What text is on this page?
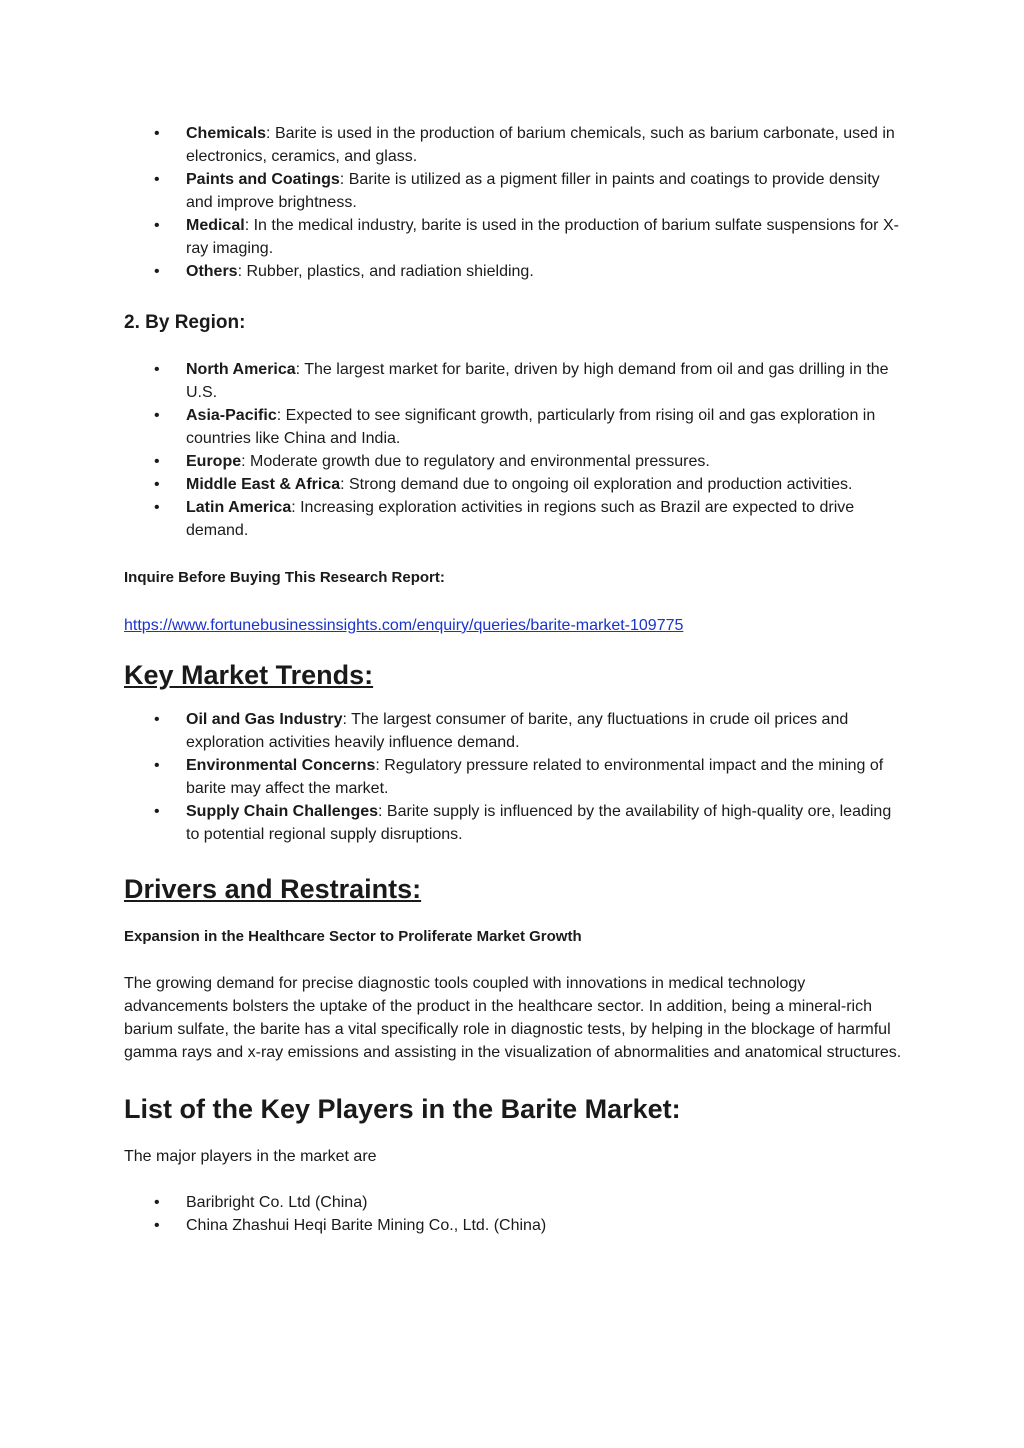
• Chemicals: Barite is used in the production of barium chemicals, such as barium carbonate, used in electronics, ceramics, and glass.
• Paints and Coatings: Barite is utilized as a pigment filler in paints and coatings to provide density and improve brightness.
• Medical: In the medical industry, barite is used in the production of barium sulfate suspensions for X-ray imaging.
• Others: Rubber, plastics, and radiation shielding.

2. By Region:

• North America: The largest market for barite, driven by high demand from oil and gas drilling in the U.S.
• Asia-Pacific: Expected to see significant growth, particularly from rising oil and gas exploration in countries like China and India.
• Europe: Moderate growth due to regulatory and environmental pressures.
• Middle East & Africa: Strong demand due to ongoing oil exploration and production activities.
• Latin America: Increasing exploration activities in regions such as Brazil are expected to drive demand.

Inquire Before Buying This Research Report:

https://www.fortunebusinessinsights.com/enquiry/queries/barite-market-109775

Key Market Trends:

• Oil and Gas Industry: The largest consumer of barite, any fluctuations in crude oil prices and exploration activities heavily influence demand.
• Environmental Concerns: Regulatory pressure related to environmental impact and the mining of barite may affect the market.
• Supply Chain Challenges: Barite supply is influenced by the availability of high-quality ore, leading to potential regional supply disruptions.

Drivers and Restraints:

Expansion in the Healthcare Sector to Proliferate Market Growth

The growing demand for precise diagnostic tools coupled with innovations in medical technology advancements bolsters the uptake of the product in the healthcare sector. In addition, being a mineral-rich barium sulfate, the barite has a vital specifically role in diagnostic tests, by helping in the blockage of harmful gamma rays and x-ray emissions and assisting in the visualization of abnormalities and anatomical structures.

List of the Key Players in the Barite Market:

The major players in the market are

• Baribright Co. Ltd (China)
• China Zhashui Heqi Barite Mining Co., Ltd. (China)
